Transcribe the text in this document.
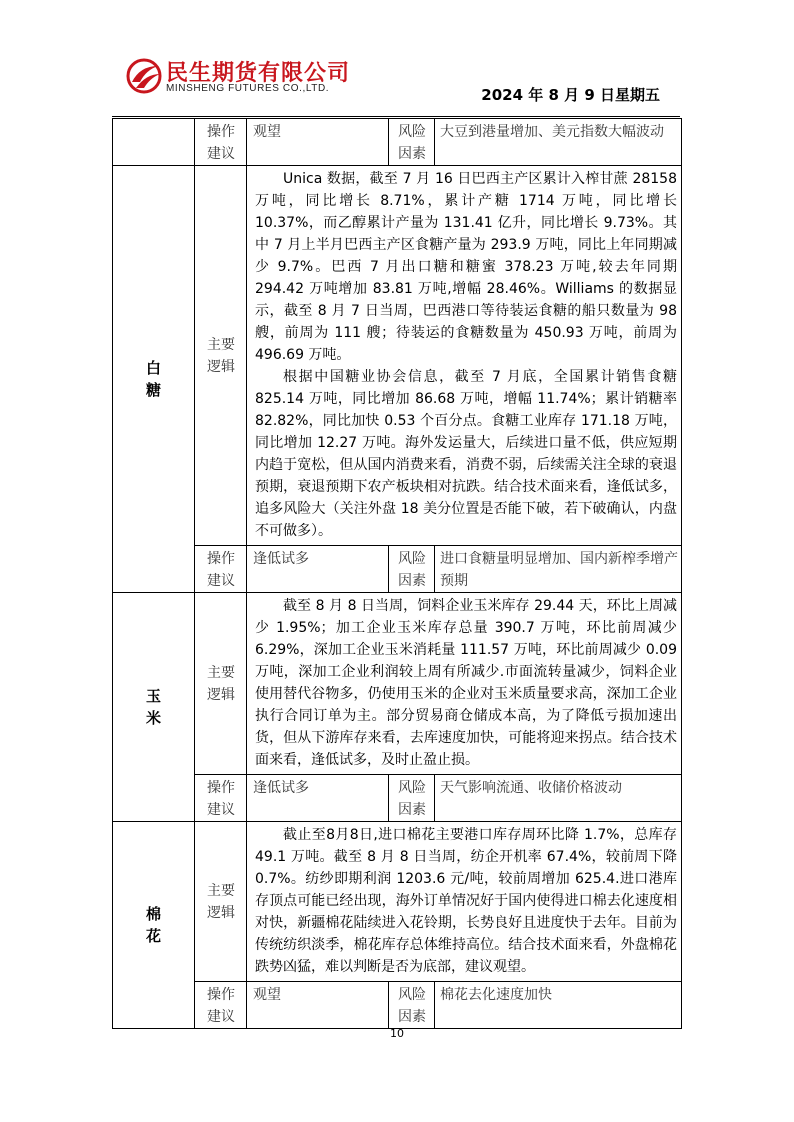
民生期货有限公司
MINSHENG FUTURES CO.,LTD.	2024 年 8 月 9 日星期五
	操作建议	观望	风险因素	大豆到港量增加、美元指数大幅波动

白糖	主要逻辑	Unica 数据，截至 7 月 16 日巴西主产区累计入榨甘蔗 28158 万吨，同比增长 8.71%，累计产糖 1714 万吨，同比增长 10.37%，而乙醇累计产量为 131.41 亿升，同比增长 9.73%。其中 7 月上半月巴西主产区食糖产量为 293.9 万吨，同比上年同期减少 9.7%。巴西 7 月出口糖和糖蜜 378.23 万吨,较去年同期 294.42 万吨增加 83.81 万吨,增幅 28.46%。Williams 的数据显示，截至 8 月 7 日当周，巴西港口等待装运食糖的船只数量为 98 艘，前周为 111 艘；待装运的食糖数量为 450.93 万吨，前周为 496.69 万吨。

根据中国糖业协会信息，截至 7 月底，全国累计销售食糖 825.14 万吨，同比增加 86.68 万吨，增幅 11.74%；累计销糖率 82.82%，同比加快 0.53 个百分点。食糖工业库存 171.18 万吨，同比增加 12.27 万吨。海外发运量大，后续进口量不低，供应短期内趋于宽松，但从国内消费来看，消费不弱，后续需关注全球的衰退预期，衰退预期下农产板块相对抗跌。结合技术面来看，逢低试多，追多风险大（关注外盘 18 美分位置是否能下破，若下破确认，内盘不可做多）。		

	操作建议	逢低试多	风险因素	进口食糖量明显增加、国内新榨季增产预期

玉米	主要逻辑	截至 8 月 8 日当周，饲料企业玉米库存 29.44 天，环比上周减少 1.95%；加工企业玉米库存总量 390.7 万吨，环比前周减少 6.29%，深加工企业玉米消耗量 111.57 万吨，环比前周减少 0.09 万吨，深加工企业利润较上周有所减少.市面流转量减少，饲料企业使用替代谷物多，仍使用玉米的企业对玉米质量要求高，深加工企业执行合同订单为主。部分贸易商仓储成本高，为了降低亏损加速出货，但从下游库存来看，去库速度加快，可能将迎来拐点。结合技术面来看，逢低试多，及时止盈止损。		

	操作建议	逢低试多	风险因素	天气影响流通、收储价格波动

棉花	主要逻辑	截止至8月8日,进口棉花主要港口库存周环比降 1.7%，总库存 49.1 万吨。截至 8 月 8 日当周，纺企开机率 67.4%，较前周下降 0.7%。纺纱即期利润 1203.6 元/吨，较前周增加 625.4.进口港库存顶点可能已经出现，海外订单情况好于国内使得进口棉去化速度相对快，新疆棉花陆续进入花铃期，长势良好且进度快于去年。目前为传统纺织淡季，棉花库存总体维持高位。结合技术面来看，外盘棉花跌势凶猛，难以判断是否为底部，建议观望。		

	操作建议	观望	风险因素	棉花去化速度加快
10
